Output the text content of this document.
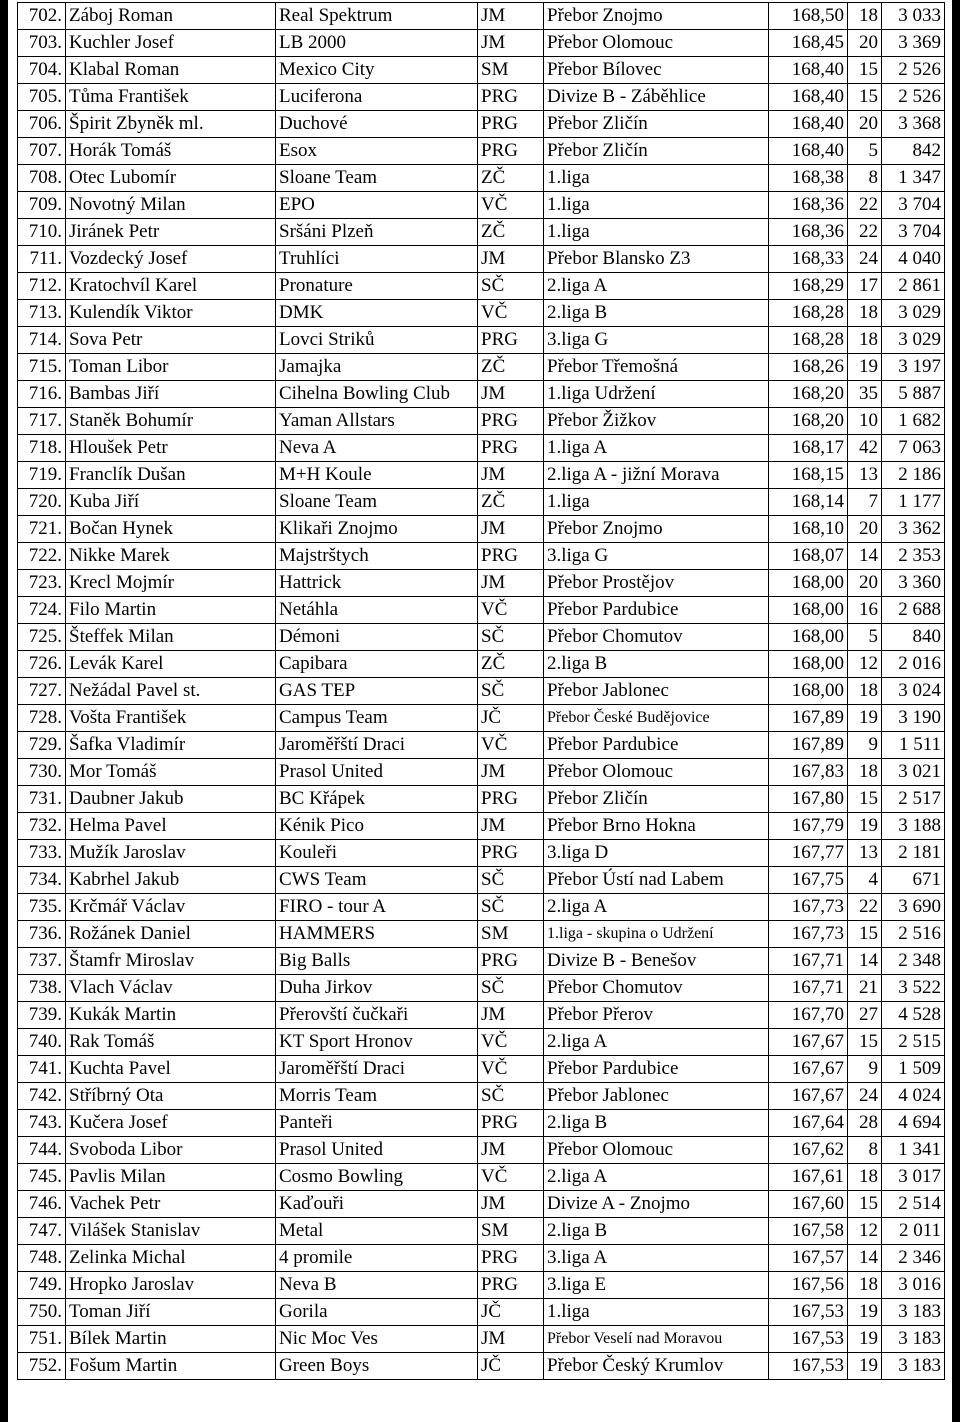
702.	Záboj Roman	Real Spektrum	JM	Přebor Znojmo	168,50	18	3 033
703.	Kuchler Josef	LB 2000	JM	Přebor Olomouc	168,45	20	3 369
704.	Klabal Roman	Mexico City	SM	Přebor Bílovec	168,40	15	2 526
705.	Tůma František	Luciferona	PRG	Divize B - Záběhlice	168,40	15	2 526
706.	Špirit Zbyněk ml.	Duchové	PRG	Přebor Zličín	168,40	20	3 368
707.	Horák Tomáš	Esox	PRG	Přebor Zličín	168,40	5	842
708.	Otec Lubomír	Sloane Team	ZČ	1.liga	168,38	8	1 347
709.	Novotný Milan	EPO	VČ	1.liga	168,36	22	3 704
710.	Jiránek Petr	Sršáni Plzeň	ZČ	1.liga	168,36	22	3 704
711.	Vozdecký Josef	Truhlíci	JM	Přebor Blansko Z3	168,33	24	4 040
712.	Kratochvíl Karel	Pronature	SČ	2.liga A	168,29	17	2 861
713.	Kulendík Viktor	DMK	VČ	2.liga B	168,28	18	3 029
714.	Sova Petr	Lovci Striků	PRG	3.liga G	168,28	18	3 029
715.	Toman Libor	Jamajka	ZČ	Přebor Třemošná	168,26	19	3 197
716.	Bambas Jiří	Cihelna Bowling Club	JM	1.liga Udržení	168,20	35	5 887
717.	Staněk Bohumír	Yaman Allstars	PRG	Přebor Žižkov	168,20	10	1 682
718.	Hloušek Petr	Neva A	PRG	1.liga A	168,17	42	7 063
719.	Franclík Dušan	M+H Koule	JM	2.liga A - jižní Morava	168,15	13	2 186
720.	Kuba Jiří	Sloane Team	ZČ	1.liga	168,14	7	1 177
721.	Bočan Hynek	Klikaři Znojmo	JM	Přebor Znojmo	168,10	20	3 362
722.	Nikke Marek	Majstrštych	PRG	3.liga G	168,07	14	2 353
723.	Krecl Mojmír	Hattrick	JM	Přebor Prostějov	168,00	20	3 360
724.	Filo Martin	Netáhla	VČ	Přebor Pardubice	168,00	16	2 688
725.	Šteffek Milan	Démoni	SČ	Přebor Chomutov	168,00	5	840
726.	Levák Karel	Capibara	ZČ	2.liga B	168,00	12	2 016
727.	Nežádal Pavel st.	GAS TEP	SČ	Přebor Jablonec	168,00	18	3 024
728.	Vošta František	Campus Team	JČ	Přebor České Budějovice	167,89	19	3 190
729.	Šafka Vladimír	Jaroměřští Draci	VČ	Přebor Pardubice	167,89	9	1 511
730.	Mor Tomáš	Prasol United	JM	Přebor Olomouc	167,83	18	3 021
731.	Daubner Jakub	BC Křápek	PRG	Přebor Zličín	167,80	15	2 517
732.	Helma Pavel	Kénik Pico	JM	Přebor Brno Hokna	167,79	19	3 188
733.	Mužík Jaroslav	Kouleři	PRG	3.liga D	167,77	13	2 181
734.	Kabrhel Jakub	CWS Team	SČ	Přebor Ústí nad Labem	167,75	4	671
735.	Krčmář Václav	FIRO - tour A	SČ	2.liga A	167,73	22	3 690
736.	Rožánek Daniel	HAMMERS	SM	1.liga - skupina o Udržení	167,73	15	2 516
737.	Štamfr Miroslav	Big Balls	PRG	Divize B - Benešov	167,71	14	2 348
738.	Vlach Václav	Duha Jirkov	SČ	Přebor Chomutov	167,71	21	3 522
739.	Kukák Martin	Přerovští čučkaři	JM	Přebor Přerov	167,70	27	4 528
740.	Rak Tomáš	KT Sport Hronov	VČ	2.liga A	167,67	15	2 515
741.	Kuchta Pavel	Jaroměřští Draci	VČ	Přebor Pardubice	167,67	9	1 509
742.	Stříbrný Ota	Morris Team	SČ	Přebor Jablonec	167,67	24	4 024
743.	Kučera Josef	Panteři	PRG	2.liga B	167,64	28	4 694
744.	Svoboda Libor	Prasol United	JM	Přebor Olomouc	167,62	8	1 341
745.	Pavlis Milan	Cosmo Bowling	VČ	2.liga A	167,61	18	3 017
746.	Vachek Petr	Kaďouři	JM	Divize A - Znojmo	167,60	15	2 514
747.	Vilášek Stanislav	Metal	SM	2.liga B	167,58	12	2 011
748.	Zelinka Michal	4 promile	PRG	3.liga A	167,57	14	2 346
749.	Hropko Jaroslav	Neva B	PRG	3.liga E	167,56	18	3 016
750.	Toman Jiří	Gorila	JČ	1.liga	167,53	19	3 183
751.	Bílek Martin	Nic Moc Ves	JM	Přebor Veselí nad Moravou	167,53	19	3 183
752.	Fošum Martin	Green Boys	JČ	Přebor Český Krumlov	167,53	19	3 183
